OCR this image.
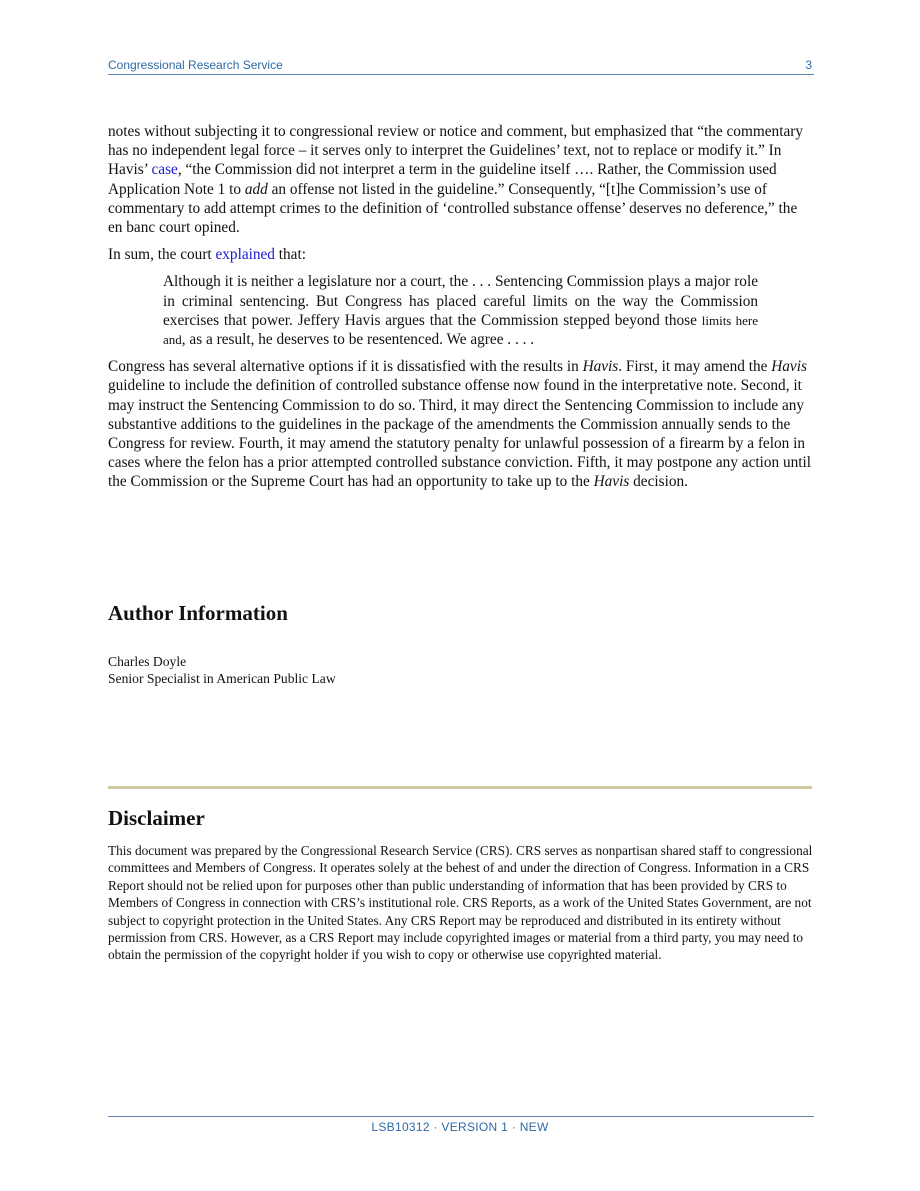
Congressional Research Service	3

notes without subjecting it to congressional review or notice and comment, but emphasized that “the commentary has no independent legal force – it serves only to interpret the Guidelines’ text, not to replace or modify it.” In Havis’ case, “the Commission did not interpret a term in the guideline itself …. Rather, the Commission used Application Note 1 to add an offense not listed in the guideline.” Consequently, “[t]he Commission’s use of commentary to add attempt crimes to the definition of ‘controlled substance offense’ deserves no deference,” the en banc court opined.

In sum, the court explained that:

Although it is neither a legislature nor a court, the . . . Sentencing Commission plays a major role in criminal sentencing. But Congress has placed careful limits on the way the Commission exercises that power. Jeffery Havis argues that the Commission stepped beyond those limits here and, as a result, he deserves to be resentenced. We agree . . . .

Congress has several alternative options if it is dissatisfied with the results in Havis. First, it may amend the Havis guideline to include the definition of controlled substance offense now found in the interpretative note. Second, it may instruct the Sentencing Commission to do so. Third, it may direct the Sentencing Commission to include any substantive additions to the guidelines in the package of the amendments the Commission annually sends to the Congress for review. Fourth, it may amend the statutory penalty for unlawful possession of a firearm by a felon in cases where the felon has a prior attempted controlled substance conviction. Fifth, it may postpone any action until the Commission or the Supreme Court has had an opportunity to take up to the Havis decision.

Author Information
Charles Doyle
Senior Specialist in American Public Law
Disclaimer
This document was prepared by the Congressional Research Service (CRS). CRS serves as nonpartisan shared staff to congressional committees and Members of Congress. It operates solely at the behest of and under the direction of Congress. Information in a CRS Report should not be relied upon for purposes other than public understanding of information that has been provided by CRS to Members of Congress in connection with CRS’s institutional role. CRS Reports, as a work of the United States Government, are not subject to copyright protection in the United States. Any CRS Report may be reproduced and distributed in its entirety without permission from CRS. However, as a CRS Report may include copyrighted images or material from a third party, you may need to obtain the permission of the copyright holder if you wish to copy or otherwise use copyrighted material.
LSB10312 · VERSION 1 · NEW
